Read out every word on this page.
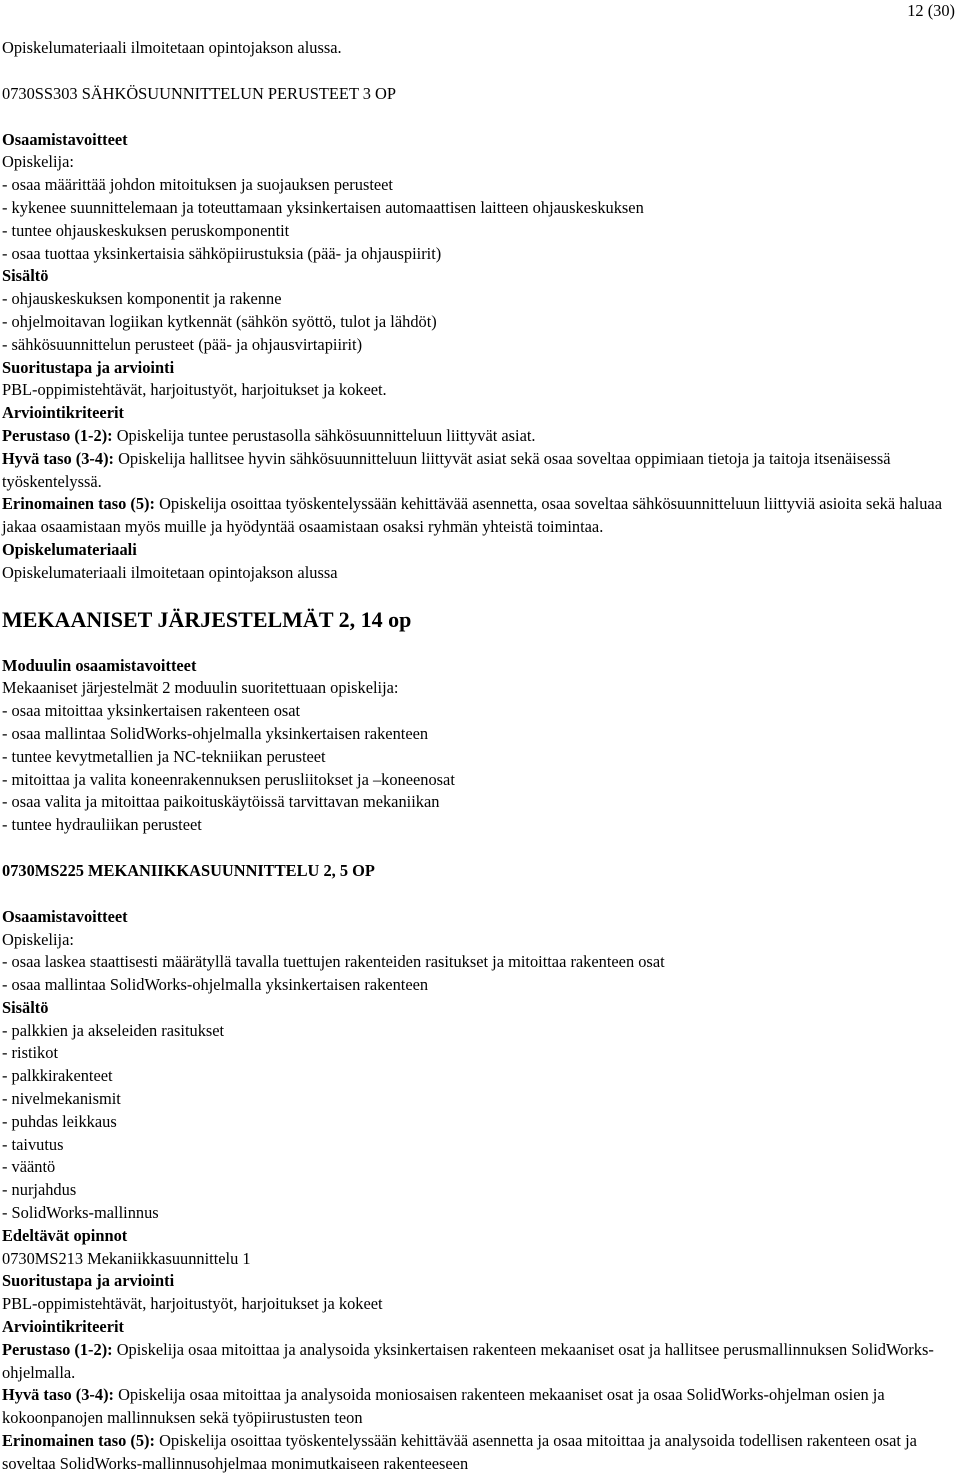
12 (30)
Opiskelumateriaali ilmoitetaan opintojakson alussa.
0730SS303 SÄHKÖSUUNNITTELUN PERUSTEET 3 OP
Osaamistavoitteet
Opiskelija:
- osaa määrittää johdon mitoituksen ja suojauksen perusteet
- kykenee suunnittelemaan ja toteuttamaan yksinkertaisen automaattisen laitteen ohjauskeskuksen
- tuntee ohjauskeskuksen peruskomponentit
- osaa tuottaa yksinkertaisia sähköpiirustuksia (pää- ja ohjauspiirit)
Sisältö
- ohjauskeskuksen komponentit ja rakenne
- ohjelmoitavan logiikan kytkennät (sähkön syöttö, tulot ja lähdöt)
- sähkösuunnittelun perusteet (pää- ja ohjausvirtapiirit)
Suoritustapa ja arviointi
PBL-oppimistehtävät, harjoitustyöt, harjoitukset ja kokeet.
Arviointikriteerit
Perustaso (1-2): Opiskelija tuntee perustasolla sähkösuunnitteluun liittyvät asiat.
Hyvä taso (3-4): Opiskelija hallitsee hyvin sähkösuunnitteluun liittyvät asiat sekä osaa soveltaa oppimiaan tietoja ja taitoja itsenäisessä työskentelyssä.
Erinomainen taso (5): Opiskelija osoittaa työskentelyssään kehittävää asennetta, osaa soveltaa sähkösuunnitteluun liittyviä asioita sekä haluaa jakaa osaamistaan myös muille ja hyödyntää osaamistaan osaksi ryhmän yhteistä toimintaa.
Opiskelumateriaali
Opiskelumateriaali ilmoitetaan opintojakson alussa
MEKAANISET JÄRJESTELMÄT 2, 14 op
Moduulin osaamistavoitteet
Mekaaniset järjestelmät 2 moduulin suoritettuaan opiskelija:
- osaa mitoittaa yksinkertaisen rakenteen osat
- osaa mallintaa SolidWorks-ohjelmalla yksinkertaisen rakenteen
- tuntee kevytmetallien ja NC-tekniikan perusteet
- mitoittaa ja valita koneenrakennuksen perusliitokset ja –koneenosat
- osaa valita ja mitoittaa paikoituskäytöissä tarvittavan mekaniikan
- tuntee hydrauliikan perusteet
0730MS225 MEKANIIKKASUUNNITTELU 2, 5 OP
Osaamistavoitteet
Opiskelija:
- osaa laskea staattisesti määrätyllä tavalla tuettujen rakenteiden rasitukset ja mitoittaa rakenteen osat
- osaa mallintaa SolidWorks-ohjelmalla yksinkertaisen rakenteen
Sisältö
- palkkien ja akseleiden rasitukset
- ristikot
- palkkirakenteet
- nivelmekanismit
- puhdas leikkaus
- taivutus
- vääntö
- nurjahdus
- SolidWorks-mallinnus
Edeltävät opinnot
0730MS213 Mekaniikkasuunnittelu 1
Suoritustapa ja arviointi
PBL-oppimistehtävät, harjoitustyöt, harjoitukset ja kokeet
Arviointikriteerit
Perustaso (1-2): Opiskelija osaa mitoittaa ja analysoida yksinkertaisen rakenteen mekaaniset osat ja hallitsee perusmallinnuksen SolidWorks-ohjelmalla.
Hyvä taso (3-4): Opiskelija osaa mitoittaa ja analysoida moniosaisen rakenteen mekaaniset osat ja osaa SolidWorks-ohjelman osien ja kokoonpanojen mallinnuksen sekä työpiirustusten teon
Erinomainen taso (5): Opiskelija osoittaa työskentelyssään kehittävää asennetta ja osaa mitoittaa ja analysoida todellisen rakenteen osat ja soveltaa SolidWorks-mallinnusohjelmaa monimutkaiseen rakenteeseen
